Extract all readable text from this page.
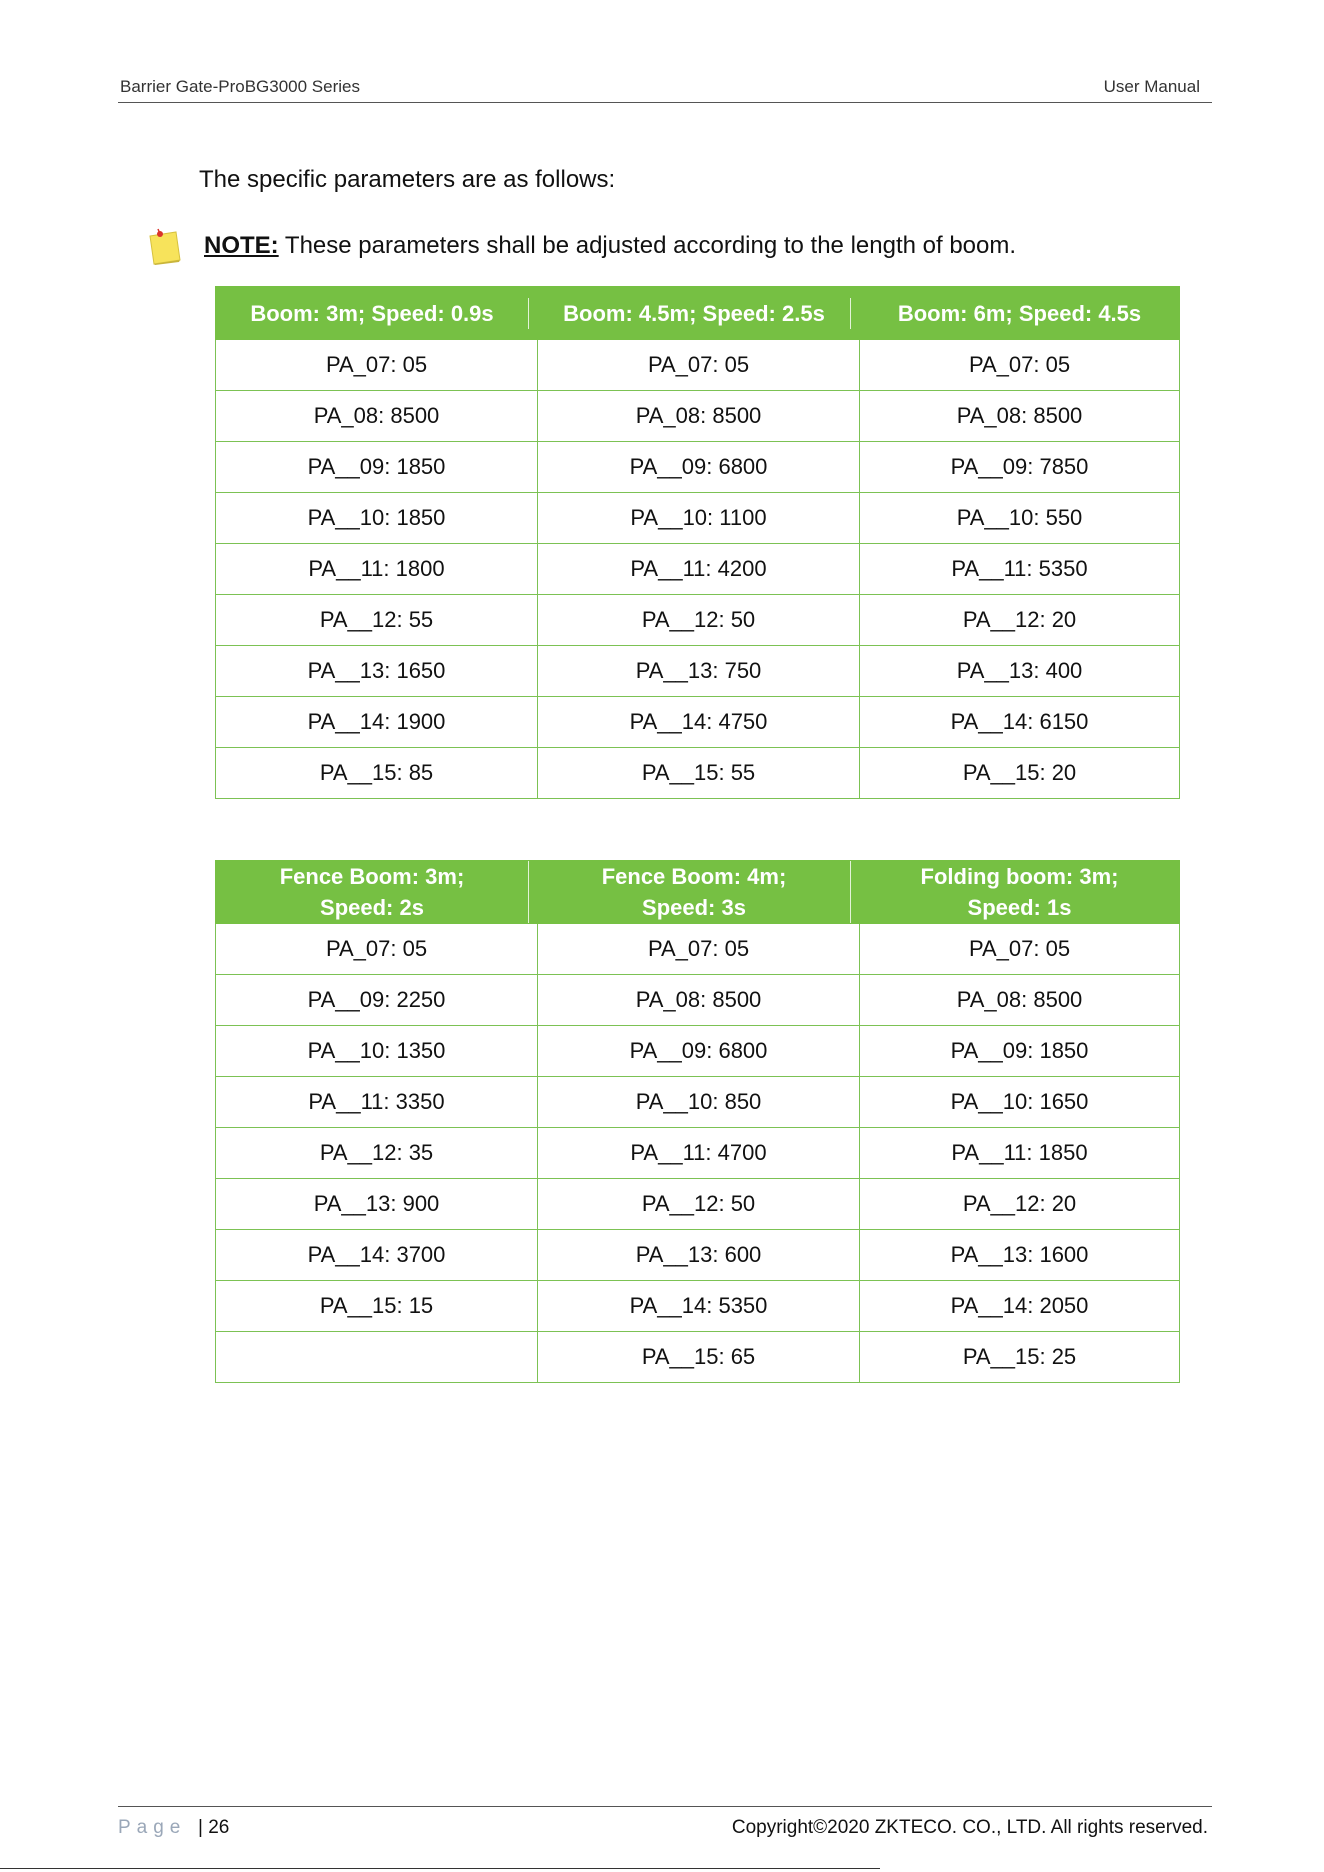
Barrier Gate-ProBG3000 Series	User Manual
The specific parameters are as follows:
NOTE: These parameters shall be adjusted according to the length of boom.
Boom: 3m; Speed: 0.9s	Boom: 4.5m; Speed: 2.5s	Boom: 6m; Speed: 4.5s

PA_07: 05	PA_07: 05	PA_07: 05
PA_08: 8500	PA_08: 8500	PA_08: 8500
PA__09: 1850	PA__09: 6800	PA__09: 7850
PA__10: 1850	PA__10: 1100	PA__10: 550
PA__11: 1800	PA__11: 4200	PA__11: 5350
PA__12: 55	PA__12: 50	PA__12: 20
PA__13: 1650	PA__13: 750	PA__13: 400
PA__14: 1900	PA__14: 4750	PA__14: 6150
PA__15: 85	PA__15: 55	PA__15: 20
Fence Boom: 3m;
Speed: 2s	Fence Boom: 4m;
Speed: 3s	Folding boom: 3m;
Speed: 1s

PA_07: 05	PA_07: 05	PA_07: 05
PA__09: 2250	PA_08: 8500	PA_08: 8500
PA__10: 1350	PA__09: 6800	PA__09: 1850
PA__11: 3350	PA__10: 850	PA__10: 1650
PA__12: 35	PA__11: 4700	PA__11: 1850
PA__13: 900	PA__12: 50	PA__12: 20
PA__14: 3700	PA__13: 600	PA__13: 1600
PA__15: 15	PA__14: 5350	PA__14: 2050
	PA__15: 65	PA__15: 25
Page | 26	Copyright©2020 ZKTECO. CO., LTD. All rights reserved.
